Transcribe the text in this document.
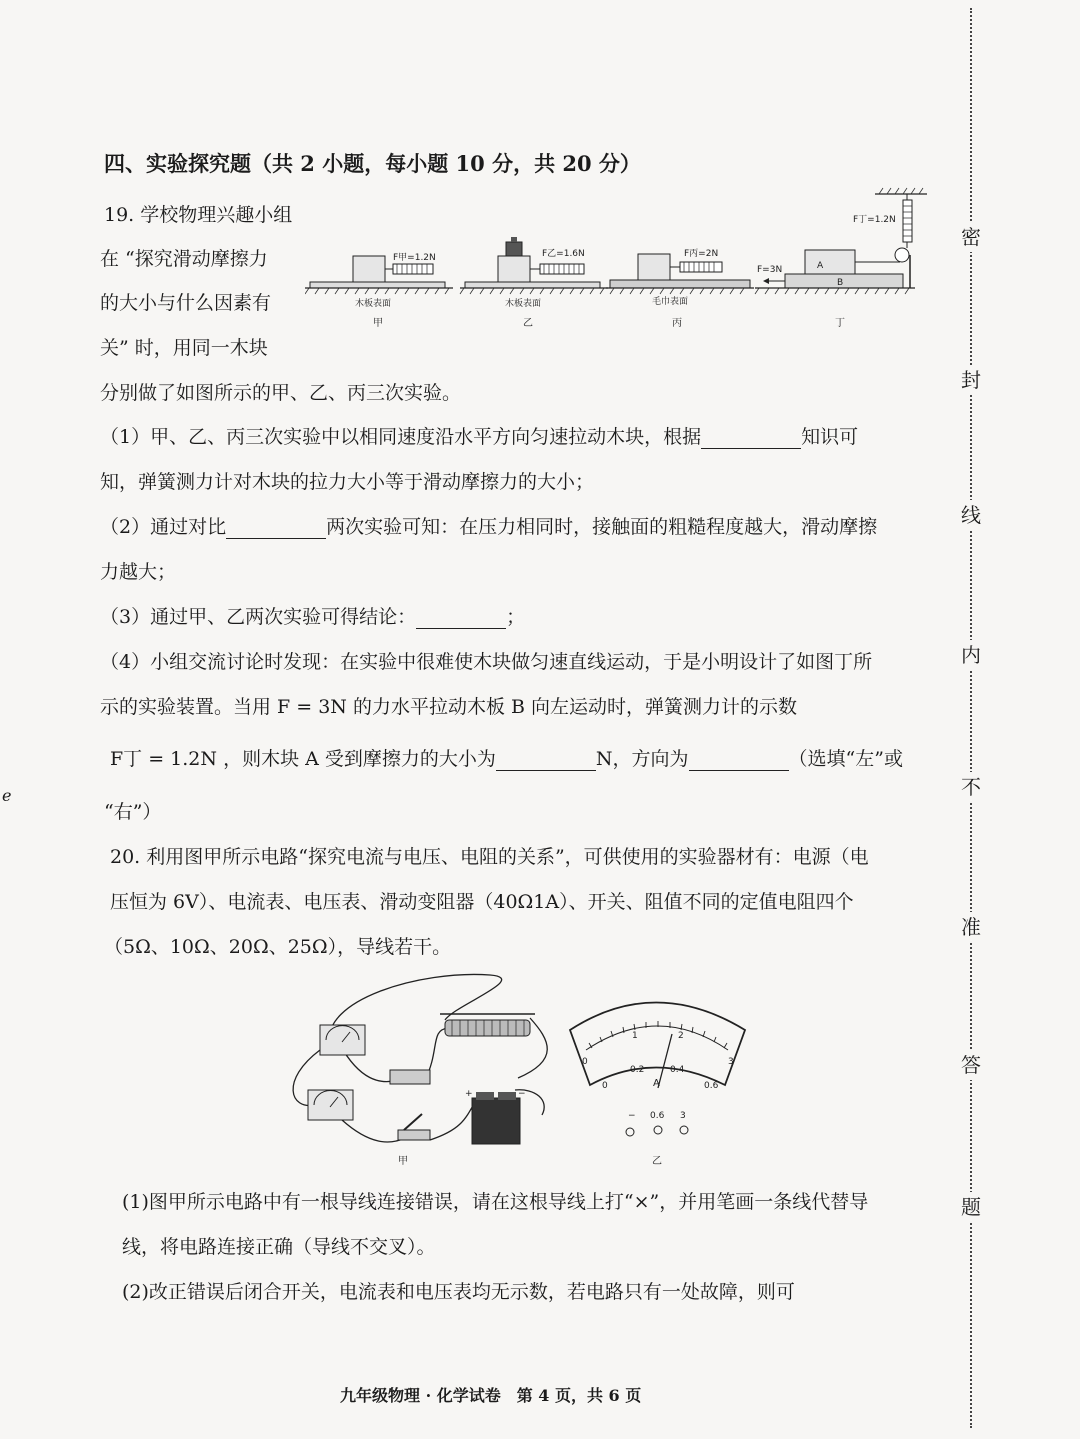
四、实验探究题（共 2 小题，每小题 10 分，共 20 分）
19. 学校物理兴趣小组
在 “探究滑动摩擦力
的大小与什么因素有
关” 时，用同一木块
分别做了如图所示的甲、乙、丙三次实验。
F甲=1.2N
木板表面
甲
F乙=1.6N
木板表面
乙
F丙=2N
毛巾表面
丙
F丁=1.2N
A
B
F=3N
丁
（1）甲、乙、丙三次实验中以相同速度沿水平方向匀速拉动木块，根据	知识可
知，弹簧测力计对木块的拉力大小等于滑动摩擦力的大小；
（2）通过对比	两次实验可知：在压力相同时，接触面的粗糙程度越大，滑动摩擦
力越大；
（3）通过甲、乙两次实验可得结论：	；
（4）小组交流讨论时发现：在实验中很难使木块做匀速直线运动，于是小明设计了如图丁所
示的实验装置。当用 F = 3N 的力水平拉动木板 B 向左运动时，弹簧测力计的示数
F丁 = 1.2N ，则木块 A 受到摩擦力的大小为	N，方向为	（选填“左”或
“右”）
e
20. 利用图甲所示电路“探究电流与电压、电阻的关系”，可供使用的实验器材有：电源（电
压恒为 6V）、电流表、电压表、滑动变阻器（40Ω1A）、开关、阻值不同的定值电阻四个
（5Ω、10Ω、20Ω、25Ω），导线若干。
+	−
甲
0
1	2
3
0
0.2	0.4
0.6
A
− 0.6 3
乙
(1)图甲所示电路中有一根导线连接错误，请在这根导线上打“×”，并用笔画一条线代替导
线，将电路连接正确（导线不交叉）。
(2)改正错误后闭合开关，电流表和电压表均无示数，若电路只有一处故障，则可
九年级物理 · 化学试卷　第 4 页，共 6 页
密
封
线
内
不
准
答
题
